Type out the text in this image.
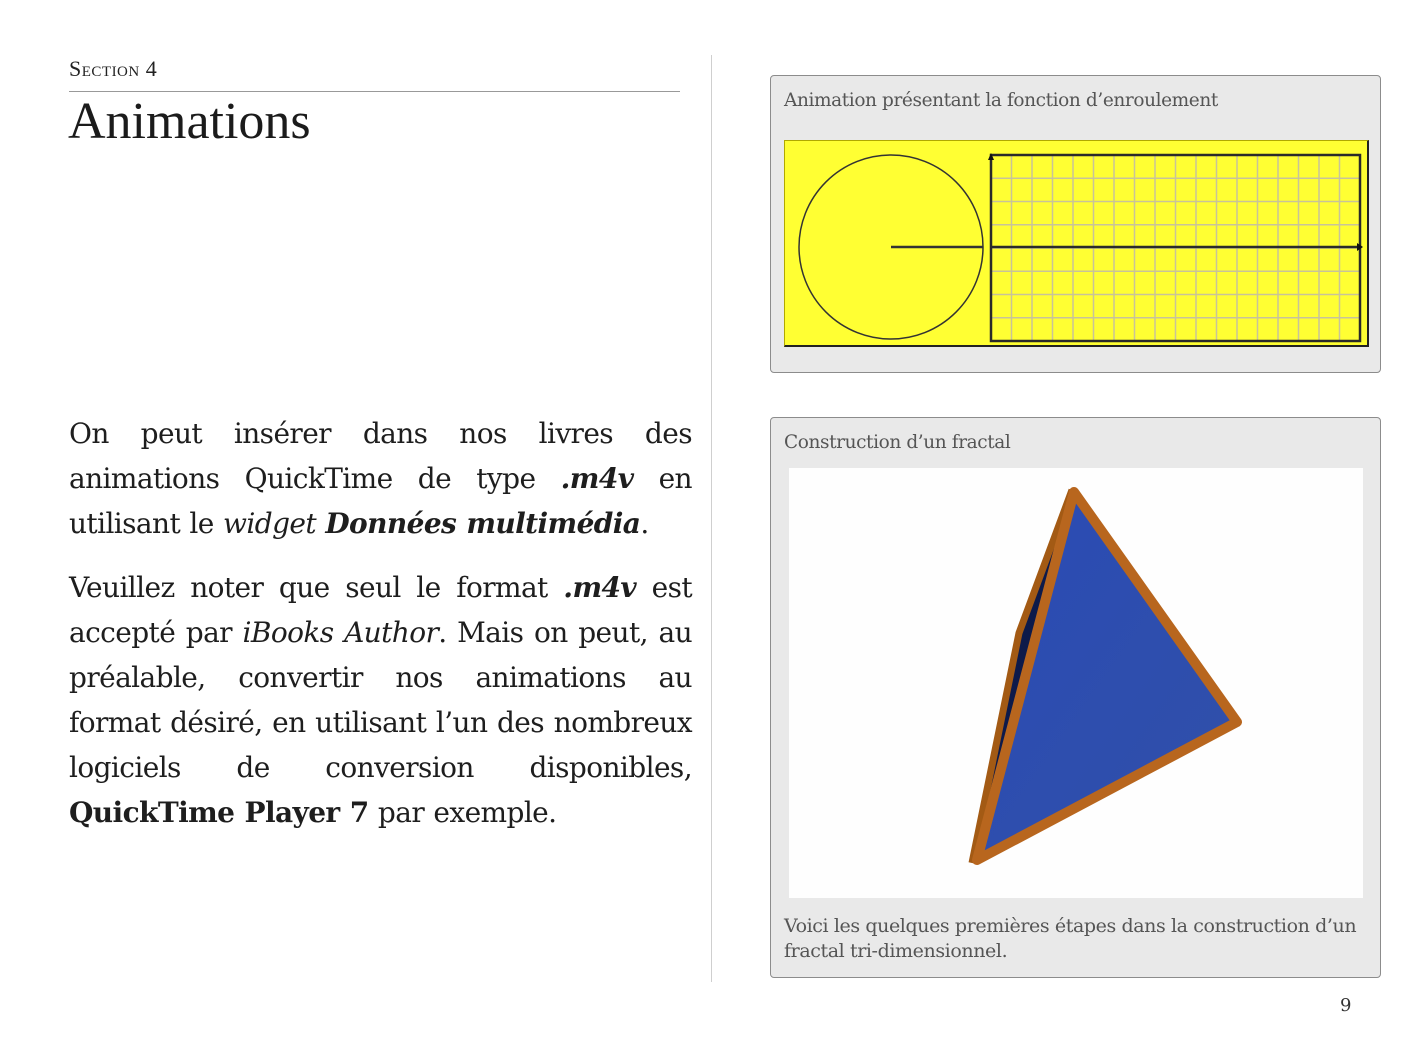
Section 4
Animations

On peut insérer dans nos livres des animations QuickTime de type .m4v en utilisant le widget Données multimédia.

Veuillez noter que seul le format .m4v est accepté par iBooks Author. Mais on peut, au préalable, convertir nos animations au format désiré, en utilisant l’un des nombreux logiciels de conversion disponibles, QuickTime Player 7 par exemple.

Animation présentant la fonction d’enroulement
Construction d’un fractal
Voici les quelques premières étapes dans la construction d’un fractal tri-dimensionnel.
9
